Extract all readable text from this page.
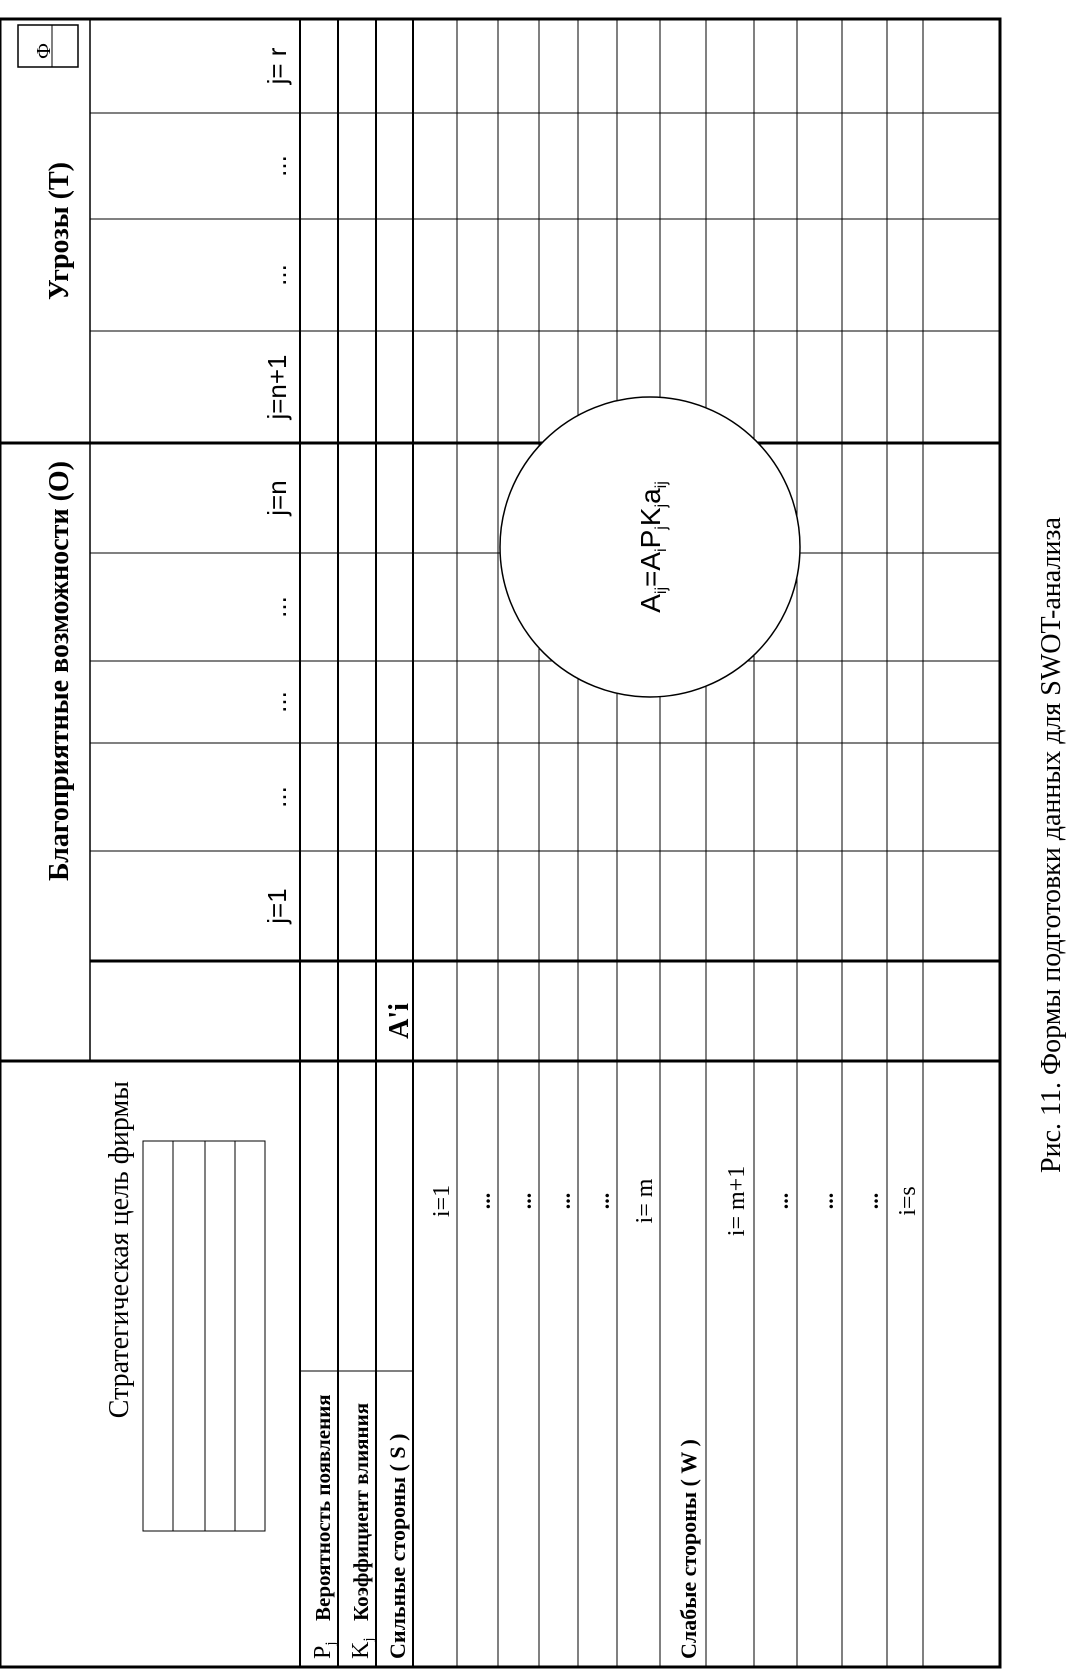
Ф
Стратегическая цель фирмы
Благоприятные возможности (О)
Угрозы (T)
j=1
...
...
...
j=n
j=n+1
...
...
j= r
$P_j$
Вероятность появления
$K_j$
Коэффициент влияния Сильные стороны ( S )
A'i
i=1 ... ... ... ... i= m
Слабые стороны ( W )
i= m+1 ... ... ... i=s
$A_{ij}=A_iP_jK_ja_{ij}$
Рис. 11. Формы подготовки данных для SWOT-анализа
